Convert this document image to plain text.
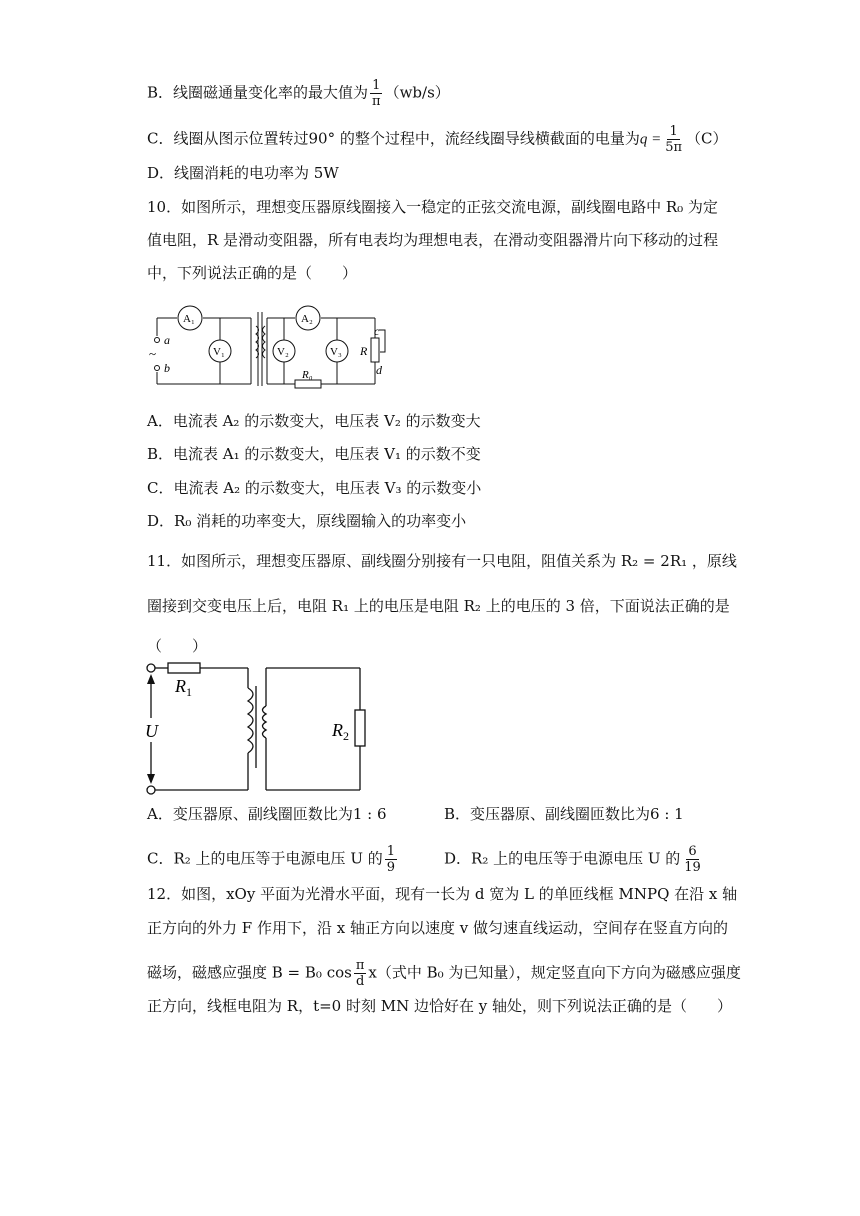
B．线圈磁通量变化率的最大值为 $\frac{1}{\pi} (wb/s)$
C．线圈从图示位置转过90° 的整个过程中，流经线圈导线横截面的电量为$q = \frac{1}{5\pi} (C)$
D．线圈消耗的电功率为 5W
10．如图所示，理想变压器原线圈接入一稳定的正弦交流电源，副线圈电路中 R₀ 为定
值电阻，R 是滑动变阻器，所有电表均为理想电表，在滑动变阻器滑片向下移动的过程
中，下列说法正确的是（　　）
A₁
V₁
A₂
V₂	V₃
~
a
b
c
d
R
R₀
A．电流表 A₂ 的示数变大，电压表 V₂ 的示数变大
B．电流表 A₁ 的示数变大，电压表 V₁ 的示数不变
C．电流表 A₂ 的示数变大，电压表 V₃ 的示数变小
D．R₀ 消耗的功率变大，原线圈输入的功率变小
11．如图所示，理想变压器原、副线圈分别接有一只电阻，阻值关系为 R₂ = 2R₁ ，原线
圈接到交变电压上后，电阻 R₁ 上的电压是电阻 R₂ 上的电压的 3 倍，下面说法正确的是
（　　）
$R_1$
U	$R_2$
A．变压器原、副线圈匝数比为1 : 6	B．变压器原、副线圈匝数比为6 : 1
C．R₂ 上的电压等于电源电压 U 的 $\frac{1}{9}$	D．R₂ 上的电压等于电源电压 U 的 $\frac{6}{19}$
12．如图，xOy 平面为光滑水平面，现有一长为 d 宽为 L 的单匝线框 MNPQ 在沿 x 轴
正方向的外力 F 作用下，沿 x 轴正方向以速度 v 做匀速直线运动，空间存在竖直方向的
磁场，磁感应强度 B = B₀ $\cos \frac{\pi}{d} x$（式中 B₀ 为已知量），规定竖直向下方向为磁感应强度
正方向，线框电阻为 R，t=0 时刻 MN 边恰好在 y 轴处，则下列说法正确的是（　　）
